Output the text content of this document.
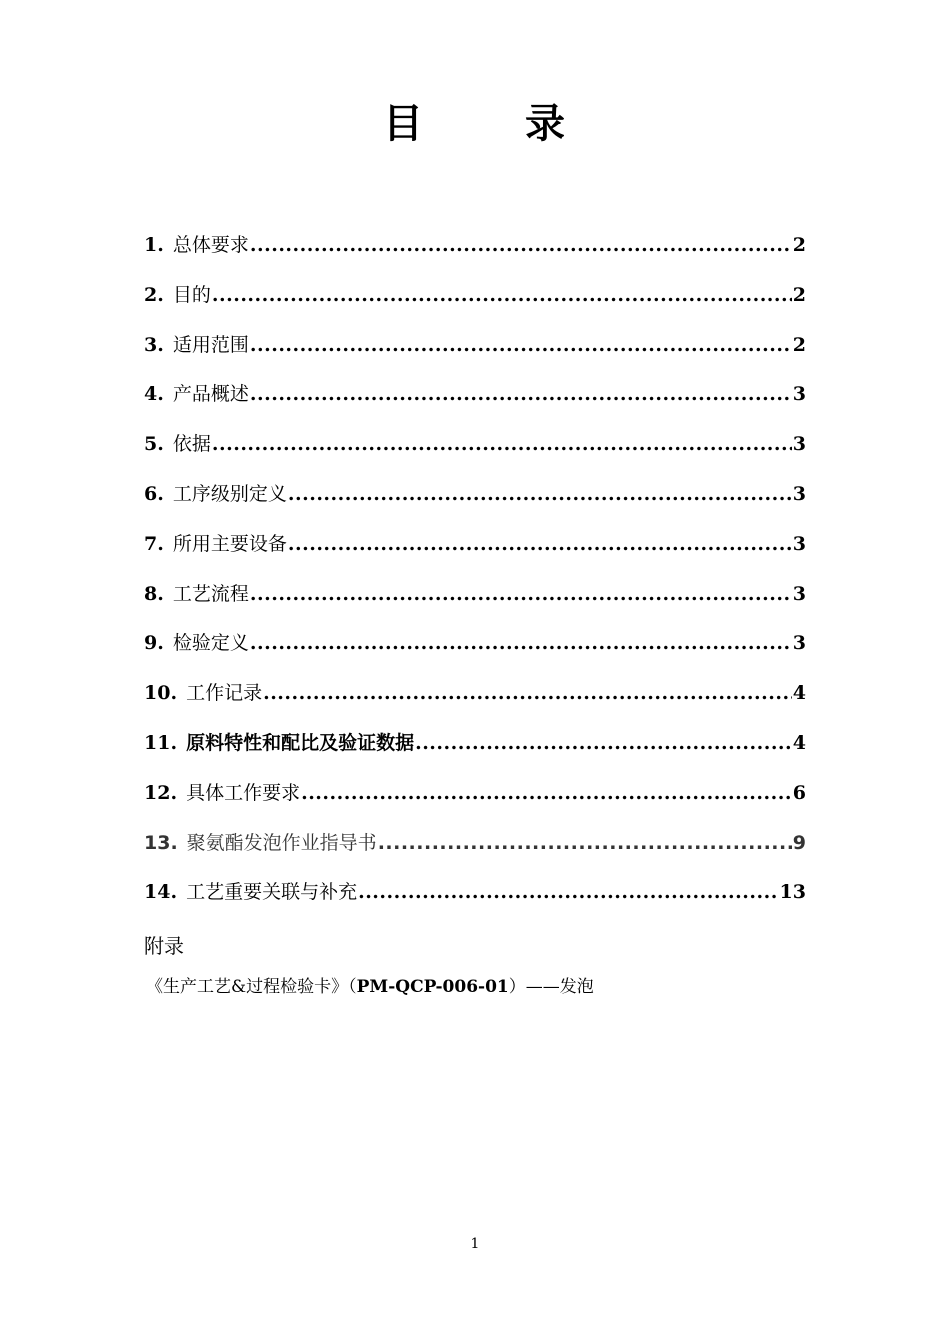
目	录
1. 总体要求 .....	2
2. 目的 .....	2
3. 适用范围 .....	2
4. 产品概述 .....	3
5. 依据 .....	3
6. 工序级别定义 .....	3
7. 所用主要设备 .....	3
8. 工艺流程 .....	3
9. 检验定义 .....	3
10. 工作记录 .....	4
11. 原料特性和配比及验证数据 .....	4
12. 具体工作要求 .....	6
13. 聚氨酯发泡作业指导书 .....	9
14. 工艺重要关联与补充 .....	13
附录
《生产工艺&过程检验卡》（PM-QCP-006-01）——发泡
1
